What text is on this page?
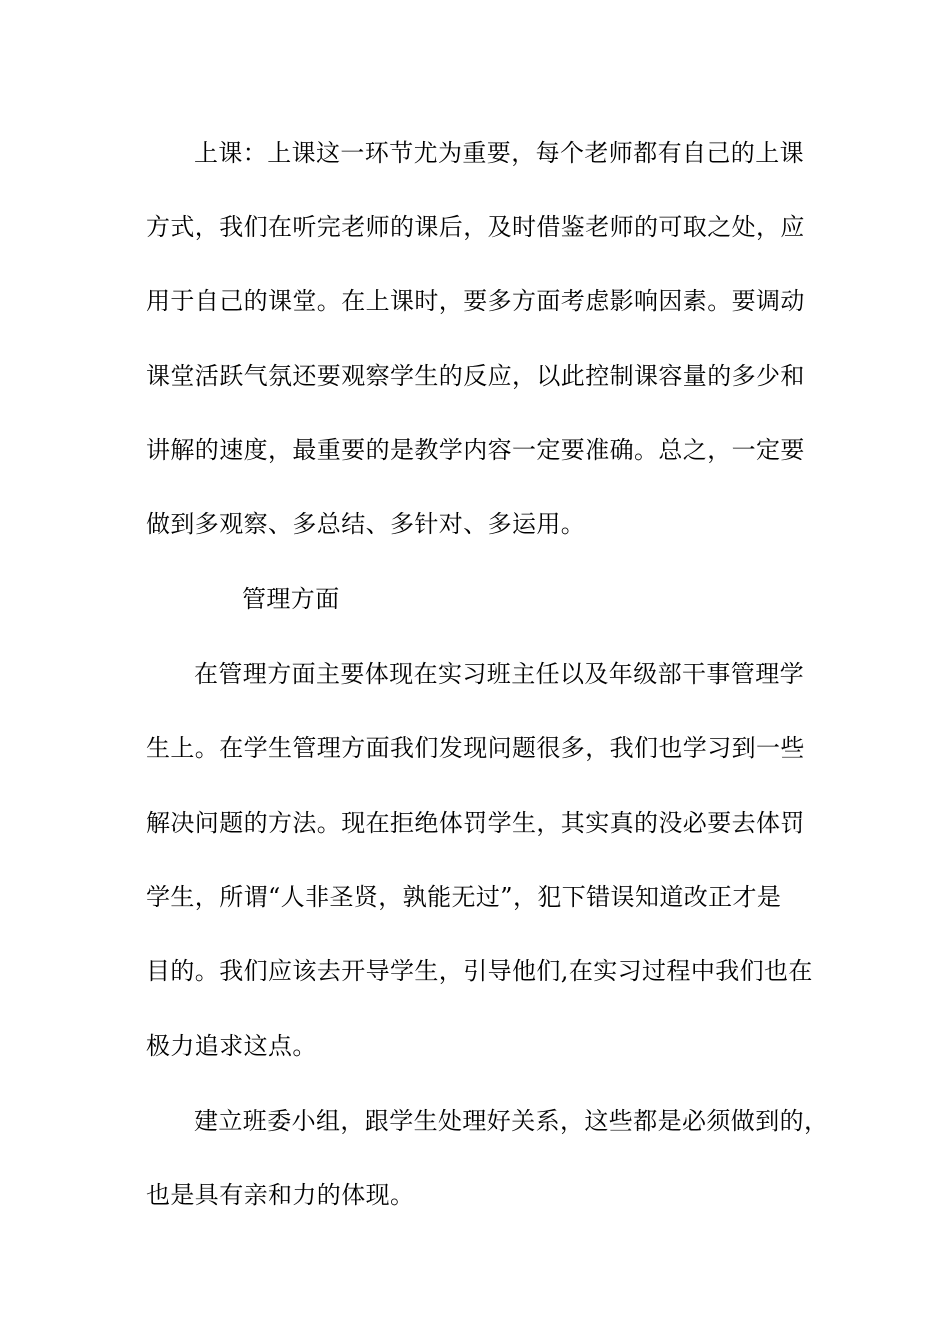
上课：上课这一环节尤为重要，每个老师都有自己的上课
方式，我们在听完老师的课后，及时借鉴老师的可取之处，应
用于自己的课堂。在上课时，要多方面考虑影响因素。要调动
课堂活跃气氛还要观察学生的反应，以此控制课容量的多少和
讲解的速度，最重要的是教学内容一定要准确。总之，一定要
做到多观察、多总结、多针对、多运用。
管理方面
在管理方面主要体现在实习班主任以及年级部干事管理学
生上。在学生管理方面我们发现问题很多，我们也学习到一些
解决问题的方法。现在拒绝体罚学生，其实真的没必要去体罚
学生，所谓“人非圣贤，孰能无过”，犯下错误知道改正才是
目的。我们应该去开导学生，引导他们,在实习过程中我们也在
极力追求这点。
建立班委小组，跟学生处理好关系，这些都是必须做到的，
也是具有亲和力的体现。
